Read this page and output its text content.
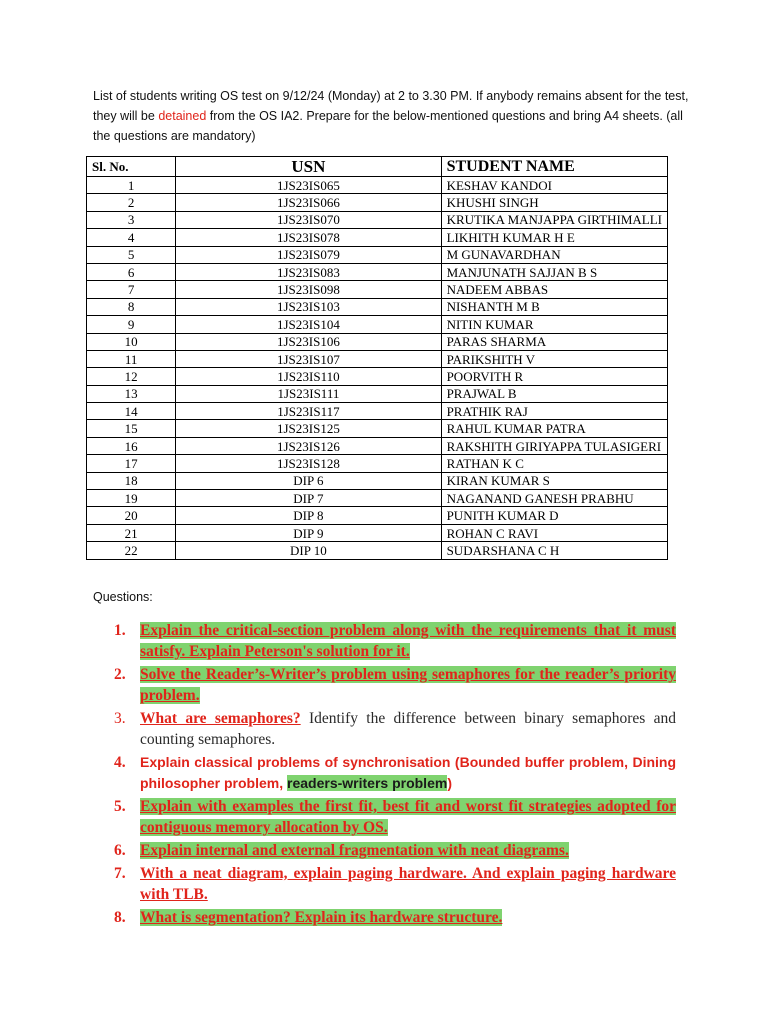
List of students writing OS test on 9/12/24 (Monday) at 2 to 3.30 PM. If anybody remains absent for the test, they will be detained from the OS IA2. Prepare for the below-mentioned questions and bring A4 sheets. (all the questions are mandatory)

Sl. No.	USN	STUDENT NAME
1	1JS23IS065	KESHAV KANDOI
2	1JS23IS066	KHUSHI SINGH
3	1JS23IS070	KRUTIKA MANJAPPA GIRTHIMALLI
4	1JS23IS078	LIKHITH KUMAR H E
5	1JS23IS079	M GUNAVARDHAN
6	1JS23IS083	MANJUNATH SAJJAN B S
7	1JS23IS098	NADEEM ABBAS
8	1JS23IS103	NISHANTH M B
9	1JS23IS104	NITIN KUMAR
10	1JS23IS106	PARAS SHARMA
11	1JS23IS107	PARIKSHITH V
12	1JS23IS110	POORVITH R
13	1JS23IS111	PRAJWAL B
14	1JS23IS117	PRATHIK RAJ
15	1JS23IS125	RAHUL KUMAR PATRA
16	1JS23IS126	RAKSHITH GIRIYAPPA TULASIGERI
17	1JS23IS128	RATHAN K C
18	DIP 6	KIRAN KUMAR S
19	DIP 7	NAGANAND GANESH PRABHU
20	DIP 8	PUNITH KUMAR D
21	DIP 9	ROHAN C RAVI
22	DIP 10	SUDARSHANA C H

Questions:

1. Explain the critical-section problem along with the requirements that it must satisfy. Explain Peterson's solution for it.
2. Solve the Reader’s-Writer’s problem using semaphores for the reader’s priority problem.
3. What are semaphores? Identify the difference between binary semaphores and counting semaphores.
4. Explain classical problems of synchronisation (Bounded buffer problem, Dining philosopher problem, readers-writers problem)
5. Explain with examples the first fit, best fit and worst fit strategies adopted for contiguous memory allocation by OS.
6. Explain internal and external fragmentation with neat diagrams.
7. With a neat diagram, explain paging hardware. And explain paging hardware with TLB.
8. What is segmentation? Explain its hardware structure.
